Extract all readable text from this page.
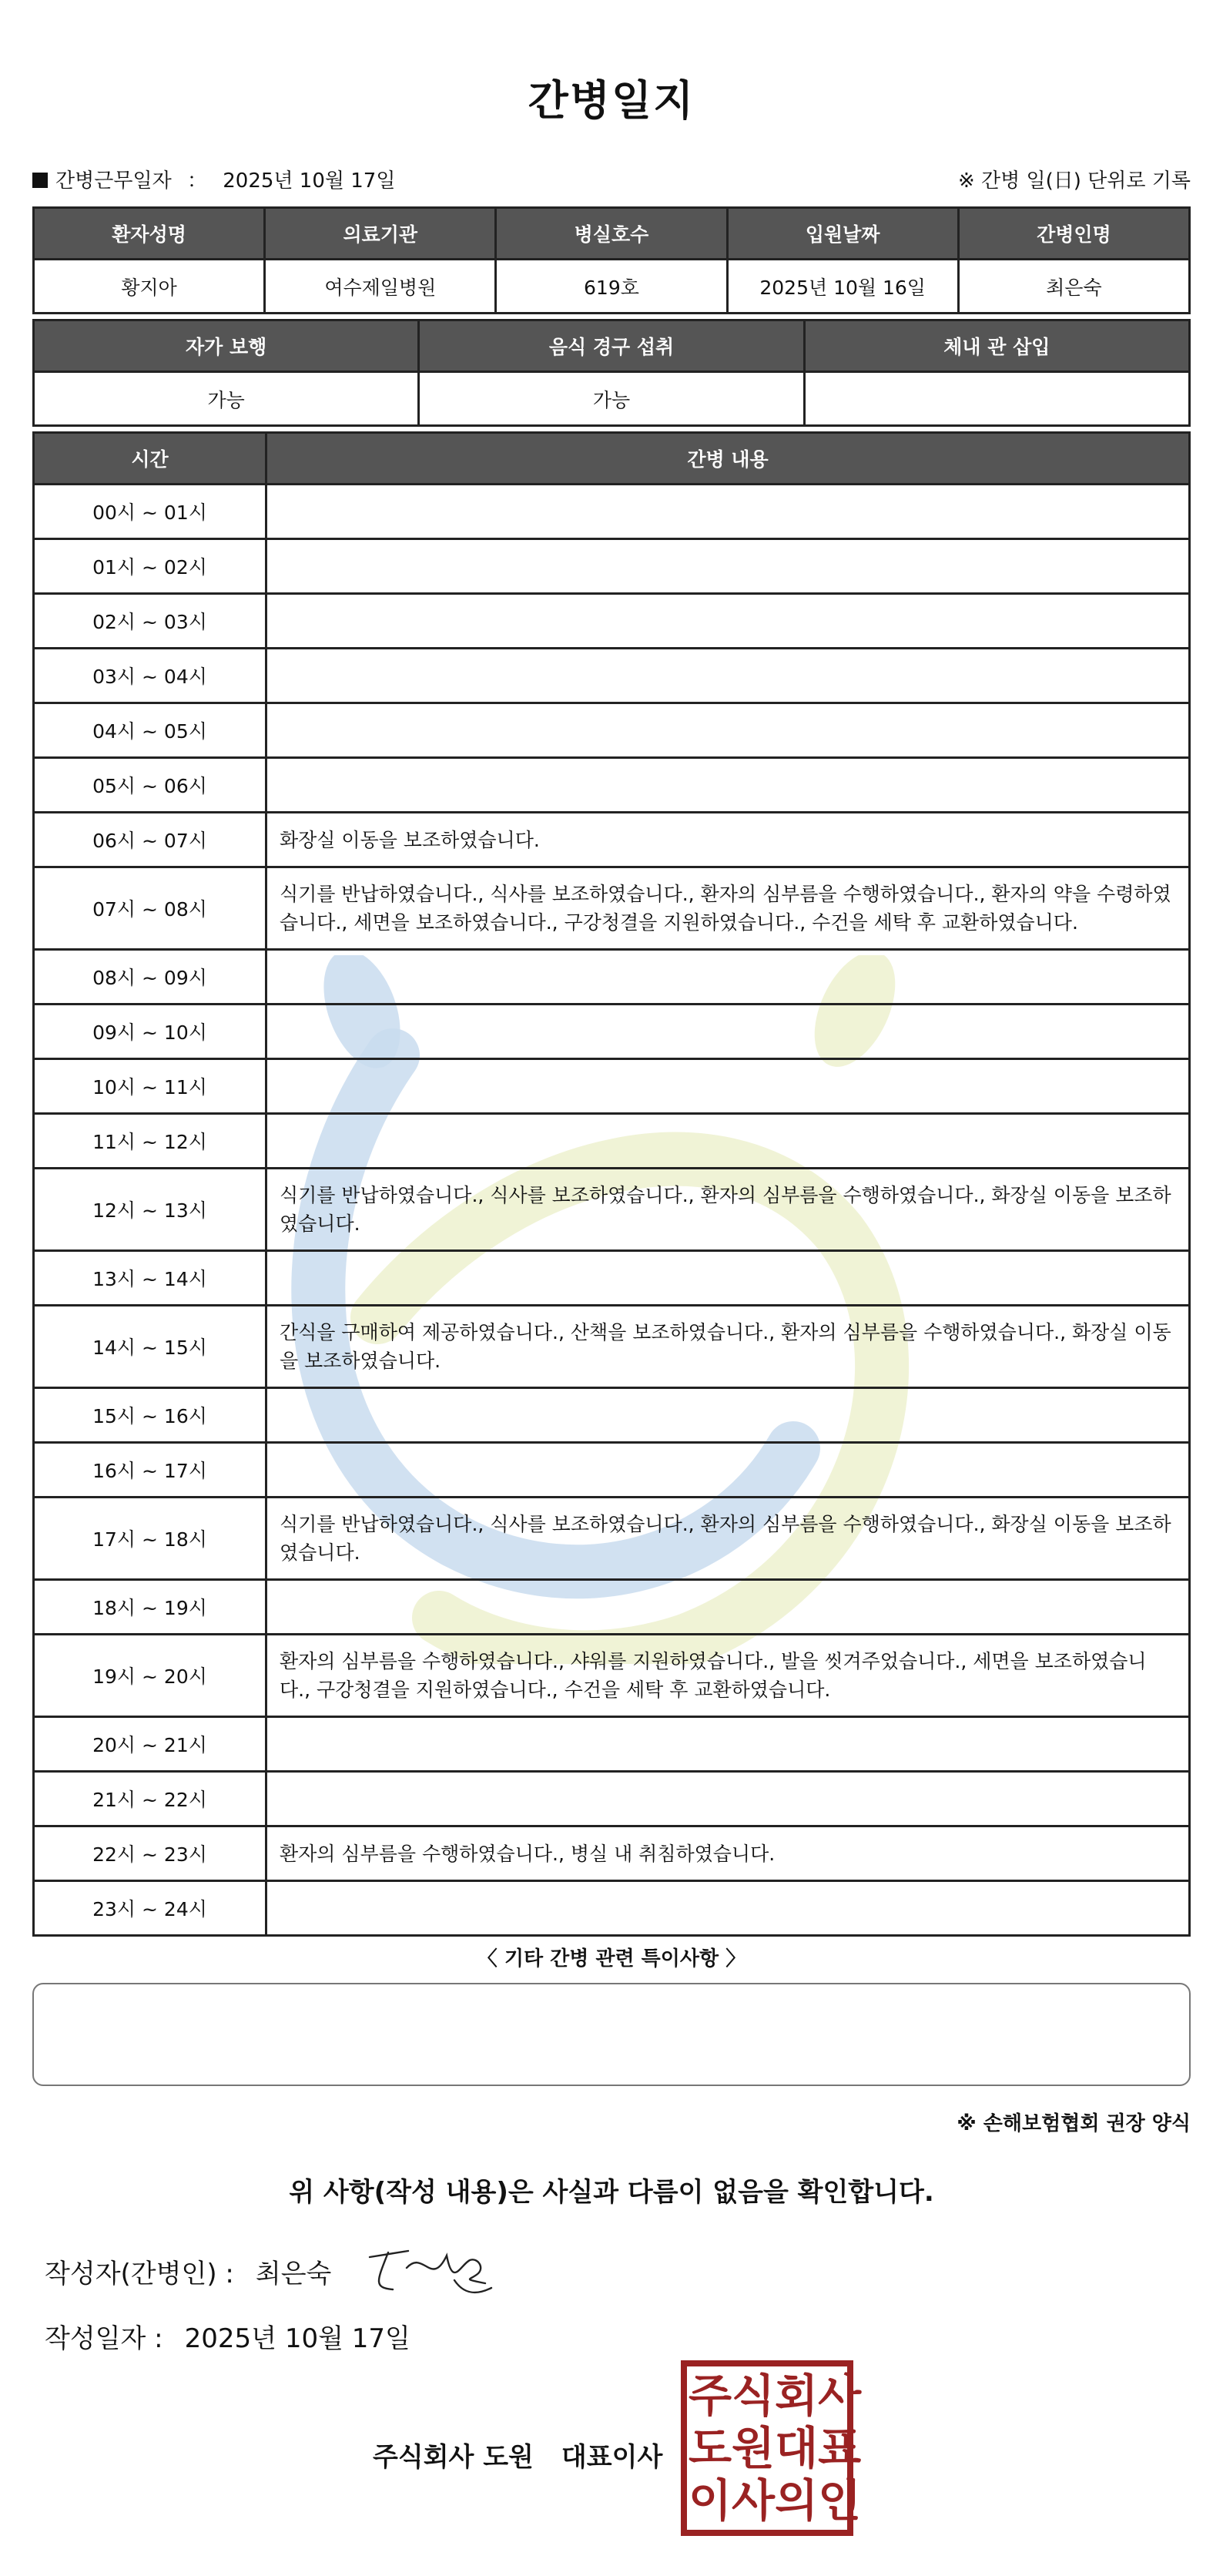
간병일지
간병근무일자 ： 2025년 10월 17일	※ 간병 일(日) 단위로 기록
환자성명	의료기관	병실호수	입원날짜	간병인명
황지아	여수제일병원	619호	2025년 10월 16일	최은숙
자가 보행	음식 경구 섭취	체내 관 삽입
가능	가능	
시간	간병 내용
00시 ~ 01시	
01시 ~ 02시	
02시 ~ 03시	
03시 ~ 04시	
04시 ~ 05시	
05시 ~ 06시	
06시 ~ 07시	화장실 이동을 보조하였습니다.
07시 ~ 08시	식기를 반납하였습니다., 식사를 보조하였습니다., 환자의 심부름을 수행하였습니다., 환자의 약을 수령하였습니다., 세면을 보조하였습니다., 구강청결을 지원하였습니다., 수건을 세탁 후 교환하였습니다.
08시 ~ 09시	
09시 ~ 10시	
10시 ~ 11시	
11시 ~ 12시	
12시 ~ 13시	식기를 반납하였습니다., 식사를 보조하였습니다., 환자의 심부름을 수행하였습니다., 화장실 이동을 보조하였습니다.
13시 ~ 14시	
14시 ~ 15시	간식을 구매하여 제공하였습니다., 산책을 보조하였습니다., 환자의 심부름을 수행하였습니다., 화장실 이동을 보조하였습니다.
15시 ~ 16시	
16시 ~ 17시	
17시 ~ 18시	식기를 반납하였습니다., 식사를 보조하였습니다., 환자의 심부름을 수행하였습니다., 화장실 이동을 보조하였습니다.
18시 ~ 19시	
19시 ~ 20시	환자의 심부름을 수행하였습니다., 샤워를 지원하였습니다., 발을 씻겨주었습니다., 세면을 보조하였습니다., 구강청결을 지원하였습니다., 수건을 세탁 후 교환하였습니다.
20시 ~ 21시	
21시 ~ 22시	
22시 ~ 23시	환자의 심부름을 수행하였습니다., 병실 내 취침하였습니다.
23시 ~ 24시	
〈 기타 간병 관련 특이사항 〉
※ 손해보험협회 권장 양식
위 사항(작성 내용)은 사실과 다름이 없음을 확인합니다.
작성자(간병인) : 최은숙
작성일자 : 2025년 10월 17일
주식회사 도원 대표이사
주 식 회 사
도 원 대 표
이 사 의 인
